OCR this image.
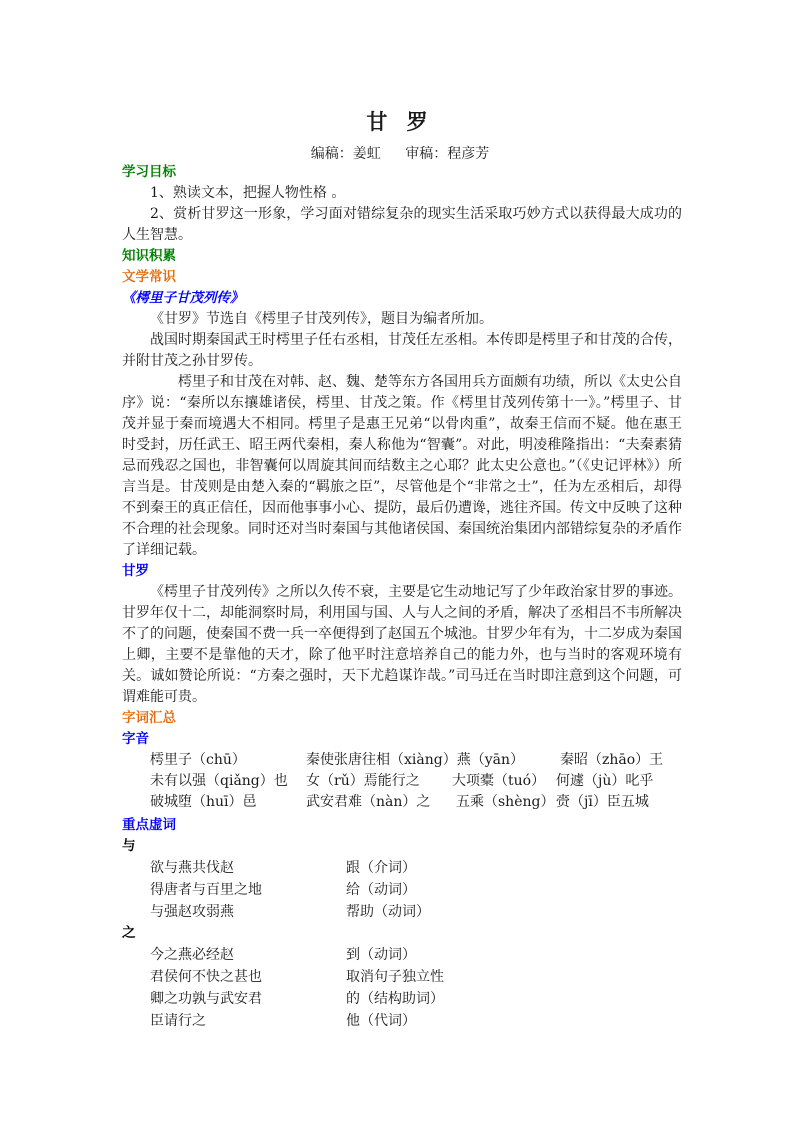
甘 罗
编稿：姜虹 审稿：程彦芳
学习目标

1、熟读文本，把握人物性格 。

2、赏析甘罗这一形象，学习面对错综复杂的现实生活采取巧妙方式以获得最大成功的人生智慧。

知识积累
文学常识
《樗里子甘茂列传》

《甘罗》节选自《樗里子甘茂列传》，题目为编者所加。

战国时期秦国武王时樗里子任右丞相，甘茂任左丞相。本传即是樗里子和甘茂的合传，并附甘茂之孙甘罗传。

樗里子和甘茂在对韩、赵、魏、楚等东方各国用兵方面颇有功绩，所以《太史公自序》说：“秦所以东攘雄诸侯，樗里、甘茂之策。作《樗里甘茂列传第十一》。”樗里子、甘茂并显于秦而境遇大不相同。樗里子是惠王兄弟“以骨肉重”，故秦王信而不疑。他在惠王时受封，历任武王、昭王两代秦相，秦人称他为“智囊”。对此，明凌稚隆指出：“夫秦素猜忌而残忍之国也，非智囊何以周旋其间而结数主之心耶？此太史公意也。”（《史记评林》）所言当是。甘茂则是由楚入秦的“羁旅之臣”，尽管他是个“非常之士”，任为左丞相后，却得不到秦王的真正信任，因而他事事小心、提防，最后仍遭谗，逃往齐国。传文中反映了这种不合理的社会现象。同时还对当时秦国与其他诸侯国、秦国统治集团内部错综复杂的矛盾作了详细记载。

甘罗

《樗里子甘茂列传》之所以久传不衰，主要是它生动地记写了少年政治家甘罗的事迹。甘罗年仅十二，却能洞察时局，利用国与国、人与人之间的矛盾，解决了丞相吕不韦所解决不了的问题，使秦国不费一兵一卒便得到了赵国五个城池。甘罗少年有为，十二岁成为秦国上卿，主要不是靠他的天才，除了他平时注意培养自己的能力外，也与当时的客观环境有关。诚如赞论所说：“方秦之强时，天下尤趋谋诈哉。”司马迁在当时即注意到这个问题，可谓难能可贵。

字词汇总
字音
樗里子（chū）	秦使张唐往相（xiàng）燕（yān）	秦昭（zhāo）王
未有以强（qiǎng）也	女（rǔ）焉能行之	大项橐（tuó） 何遽（jù）叱乎
破城堕（huī）邑	武安君难（nàn）之	五乘（shèng） 赍（jī）臣五城
重点虚词
与
欲与燕共伐赵	跟（介词）
得唐者与百里之地	给（动词）
与强赵攻弱燕	帮助（动词）
之
今之燕必经赵	到（动词）
君侯何不快之甚也	取消句子独立性
卿之功孰与武安君	的（结构助词）
臣请行之	他（代词）
